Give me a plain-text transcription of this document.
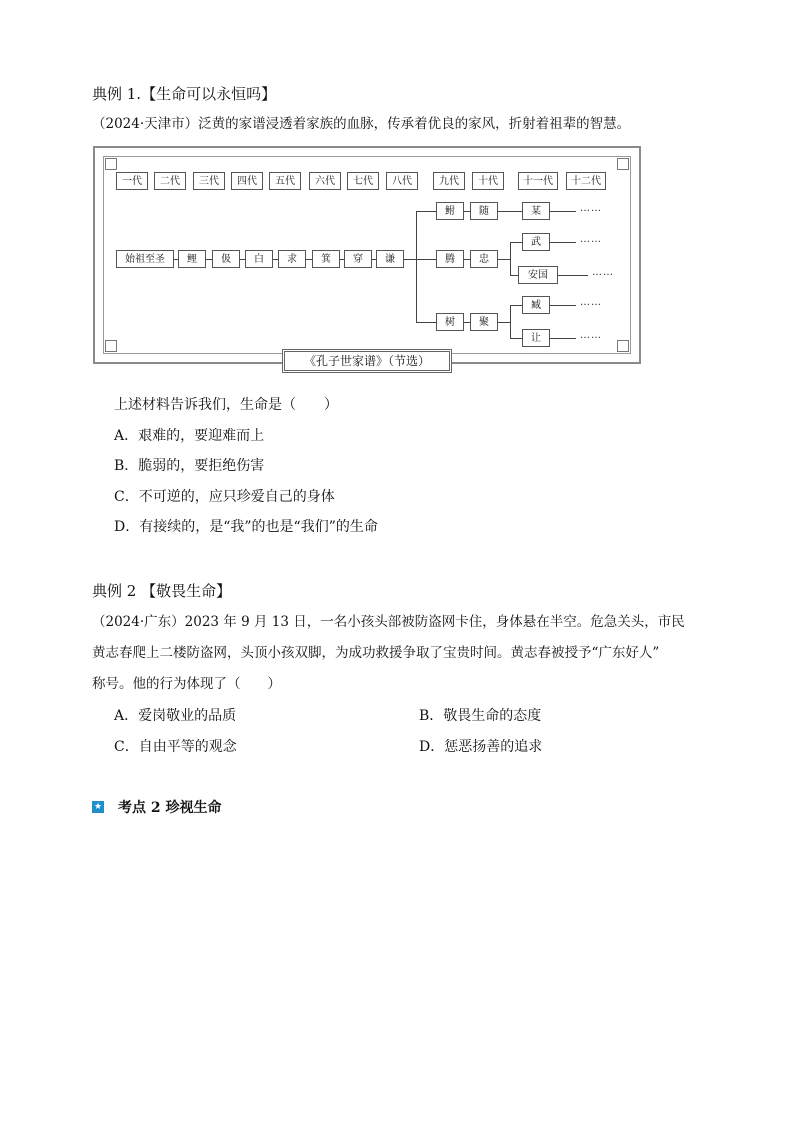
典例 1.【生命可以永恒吗】
（2024·天津市）泛黄的家谱浸透着家族的血脉，传承着优良的家风，折射着祖辈的智慧。
一代	二代	三代	四代	五代	六代	七代	八代	九代	十代	十一代	十二代
始祖至圣	鲤	伋	白	求	箕	穿	谦
鲋	随	某	……
腾	忠
武	……
安国	……
树	聚
臧	……
让	……
《孔子世家谱》（节选）
上述材料告诉我们，生命是（　　）
A．艰难的，要迎难而上
B．脆弱的，要拒绝伤害
C．不可逆的，应只珍爱自己的身体
D．有接续的，是“我”的也是“我们”的生命
典例 2 【敬畏生命】
（2024·广东）2023 年 9 月 13 日，一名小孩头部被防盗网卡住，身体悬在半空。危急关头，市民
黄志春爬上二楼防盗网，头顶小孩双脚，为成功救援争取了宝贵时间。黄志春被授予“广东好人”
称号。他的行为体现了（　　）
A．爱岗敬业的品质	B．敬畏生命的态度
C．自由平等的观念	D．惩恶扬善的追求
★ 考点 2 珍视生命
